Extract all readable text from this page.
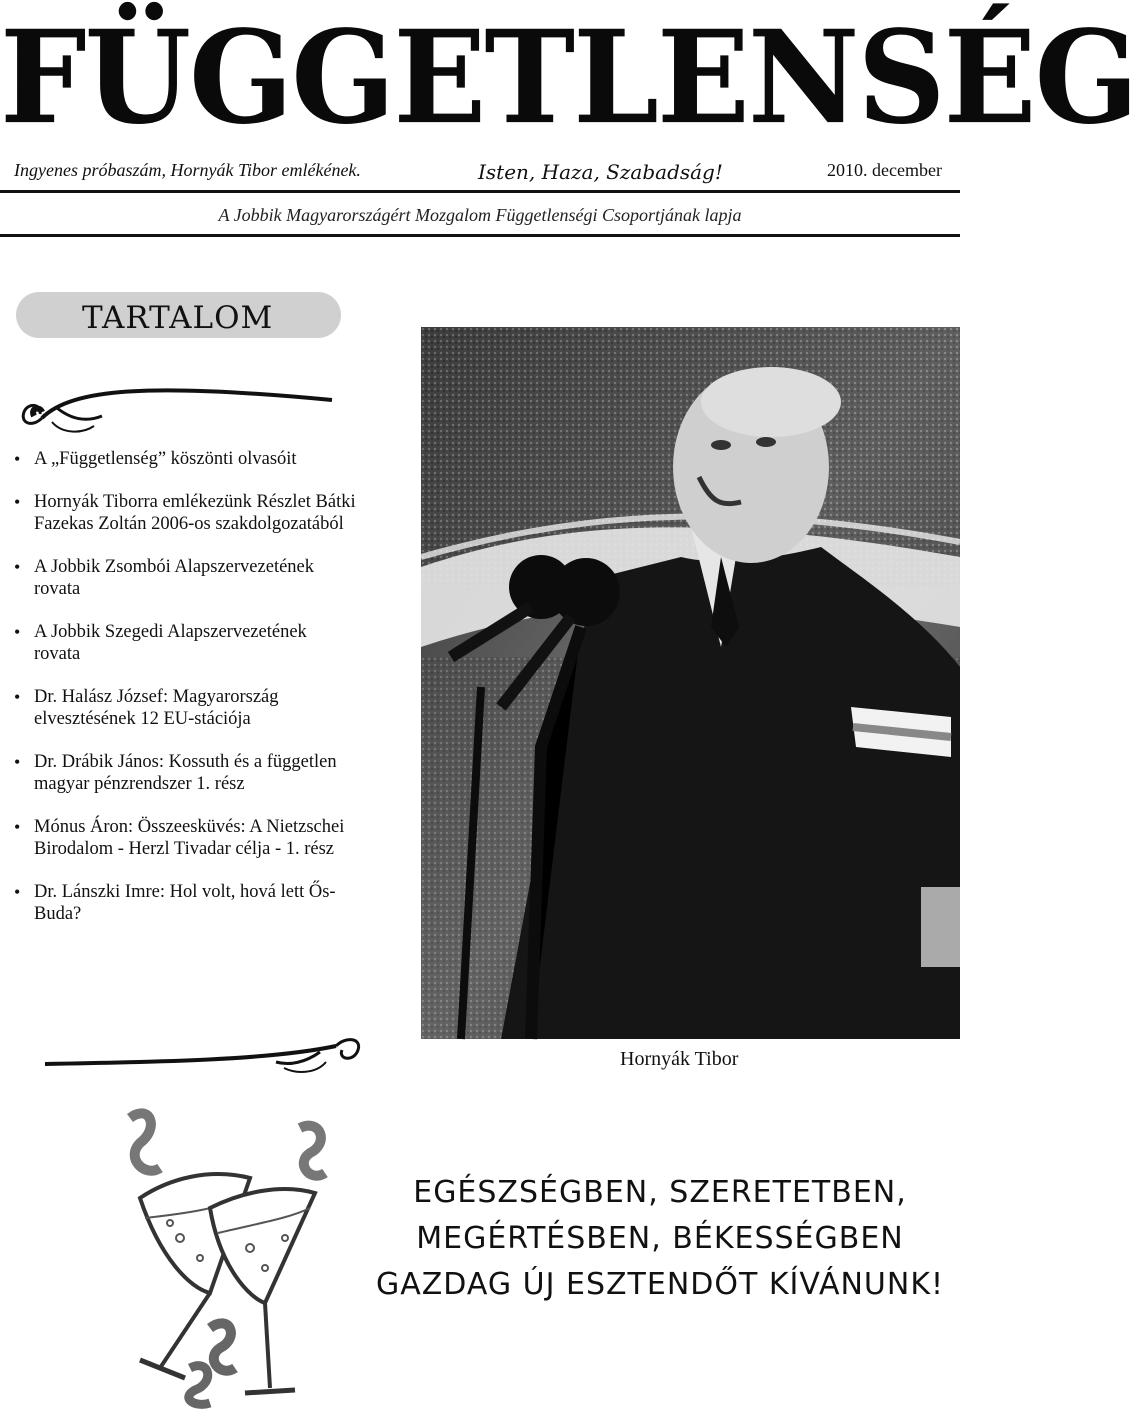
FÜGGETLENSÉG
Ingyenes próbaszám, Hornyák Tibor emlékének.	Isten, Haza, Szabadság!	2010. december
A Jobbik Magyarországért Mozgalom Függetlenségi Csoportjának lapja
TARTALOM
• A „Függetlenség” köszönti olvasóit
• Hornyák Tiborra emlékezünk Részlet Bátki Fazekas Zoltán 2006-os szakdolgozatából
• A Jobbik Zsombói Alapszervezetének rovata
• A Jobbik Szegedi Alapszervezetének rovata
• Dr. Halász József: Magyarország elvesztésének 12 EU-stációja
• Dr. Drábik János: Kossuth és a független magyar pénzrendszer 1. rész
• Mónus Áron: Összeesküvés: A Nietzschei Birodalom - Herzl Tivadar célja - 1. rész
• Dr. Lánszki Imre: Hol volt, hová lett Ős-Buda?
Hornyák Tibor
EGÉSZSÉGBEN, SZERETETBEN,
MEGÉRTÉSBEN, BÉKESSÉGBEN
GAZDAG ÚJ ESZTENDŐT KÍVÁNUNK!
